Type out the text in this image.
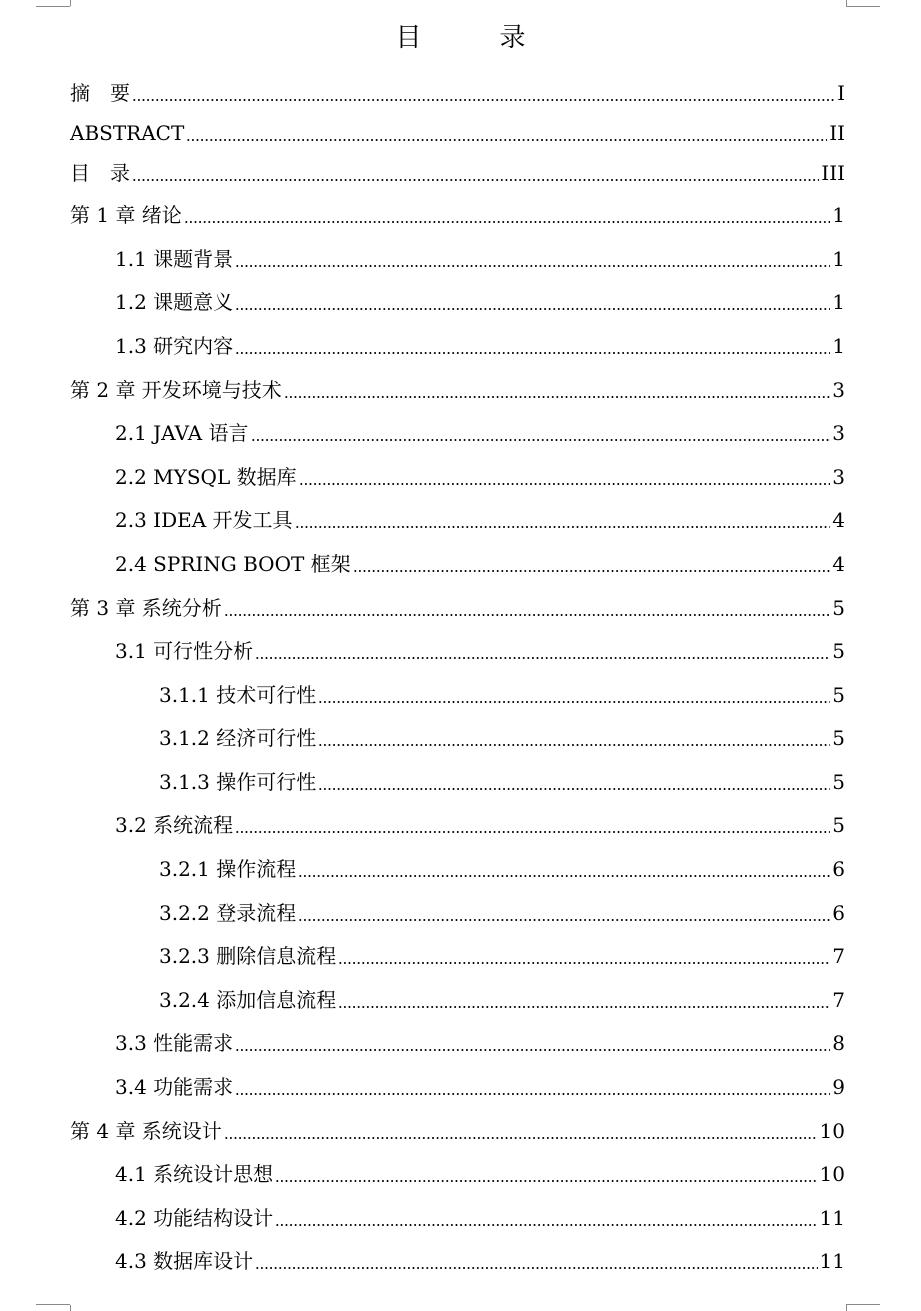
目　录
摘　要	I
ABSTRACT	II
目　录	III
第 1 章 绪论	1
1.1 课题背景	1
1.2 课题意义	1
1.3 研究内容	1
第 2 章 开发环境与技术	3
2.1 JAVA 语言	3
2.2 MYSQL 数据库	3
2.3 IDEA 开发工具	4
2.4 SPRING BOOT 框架	4
第 3 章 系统分析	5
3.1 可行性分析	5
3.1.1 技术可行性	5
3.1.2 经济可行性	5
3.1.3 操作可行性	5
3.2 系统流程	5
3.2.1 操作流程	6
3.2.2 登录流程	6
3.2.3 删除信息流程	7
3.2.4 添加信息流程	7
3.3 性能需求	8
3.4 功能需求	9
第 4 章 系统设计	10
4.1 系统设计思想	10
4.2 功能结构设计	11
4.3 数据库设计	11
